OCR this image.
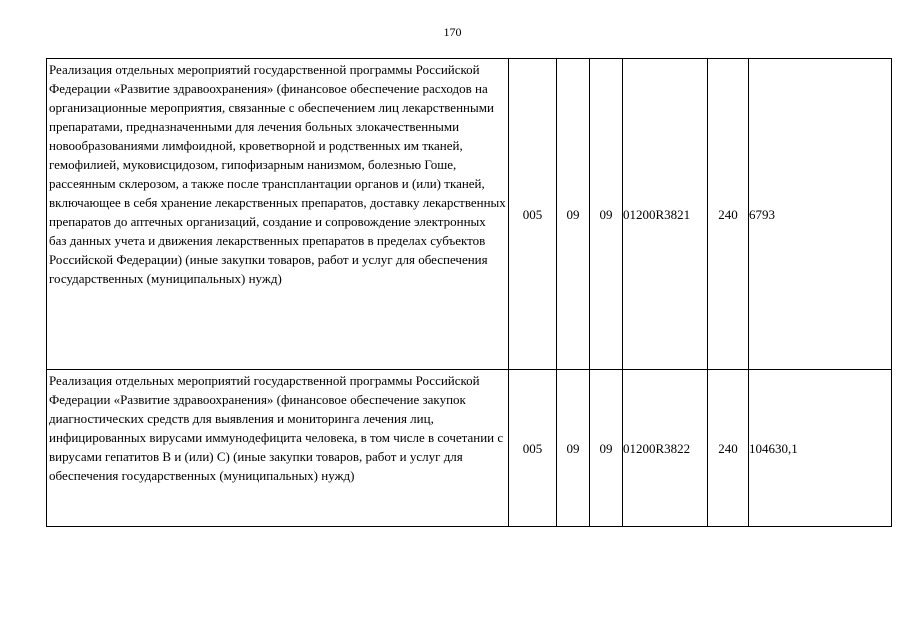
170
Реализация отдельных мероприятий государственной программы Российской Федерации «Развитие здравоохранения» (финансовое обеспечение расходов на организационные мероприятия, связанные с обеспечением лиц лекарственными препаратами, предназначенными для лечения больных злокачественными новообразованиями лимфоидной, кроветворной и родственных им тканей, гемофилией, муковисцидозом, гипофизарным нанизмом, болезнью Гоше, рассеянным склерозом, а также после трансплантации органов и (или) тканей, включающее в себя хранение лекарственных препаратов, доставку лекарственных препаратов до аптечных организаций, создание и сопровождение электронных баз данных учета и движения лекарственных препаратов в пределах субъектов Российской Федерации) (иные закупки товаров, работ и услуг для обеспечения государственных (муниципальных) нужд)	005	09	09	01200R3821	240	6793
Реализация отдельных мероприятий государственной программы Российской Федерации «Развитие здравоохранения» (финансовое обеспечение закупок диагностических средств для выявления и мониторинга лечения лиц, инфицированных вирусами иммунодефицита человека, в том числе в сочетании с вирусами гепатитов В и (или) С) (иные закупки товаров, работ и услуг для обеспечения государственных (муниципальных) нужд)	005	09	09	01200R3822	240	104630,1
